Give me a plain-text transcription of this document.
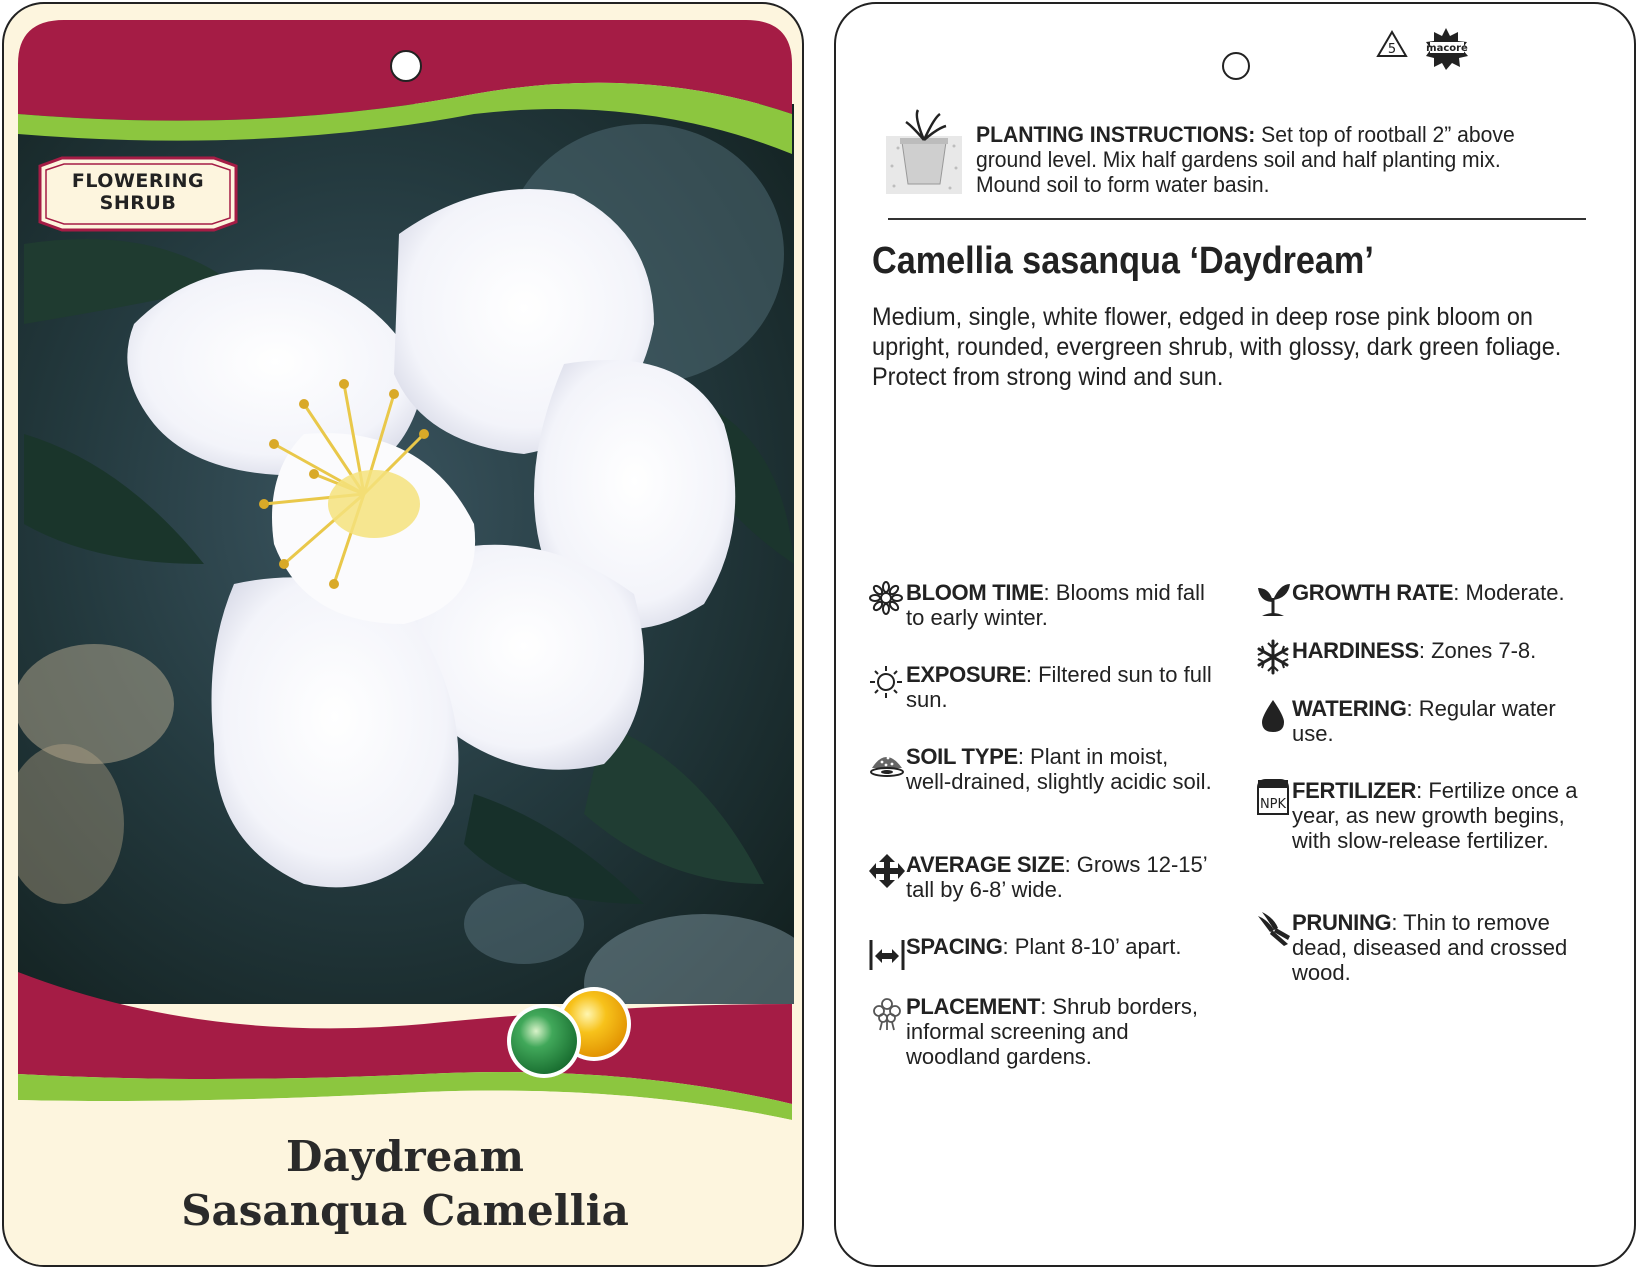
FLOWERING
SHRUB
Daydream
Sasanqua Camellia
5	macore
PLANTING INSTRUCTIONS: Set top of rootball 2” above ground level. Mix half gardens soil and half planting mix. Mound soil to form water basin.
Camellia sasanqua ‘Daydream’
Medium, single, white flower, edged in deep rose pink bloom on upright, rounded, evergreen shrub, with glossy, dark green foliage. Protect from strong wind and sun.
BLOOM TIME: Blooms mid fall to early winter.
EXPOSURE: Filtered sun to full sun.
SOIL TYPE: Plant in moist, well-drained, slightly acidic soil.
AVERAGE SIZE: Grows 12-15’ tall by 6-8’ wide.
SPACING: Plant 8-10’ apart.
PLACEMENT: Shrub borders, informal screening and woodland gardens.
GROWTH RATE: Moderate.
HARDINESS: Zones 7-8.
WATERING: Regular water use.
NPK
FERTILIZER: Fertilize once a year, as new growth begins, with slow-release fertilizer.
PRUNING: Thin to remove dead, diseased and crossed wood.
